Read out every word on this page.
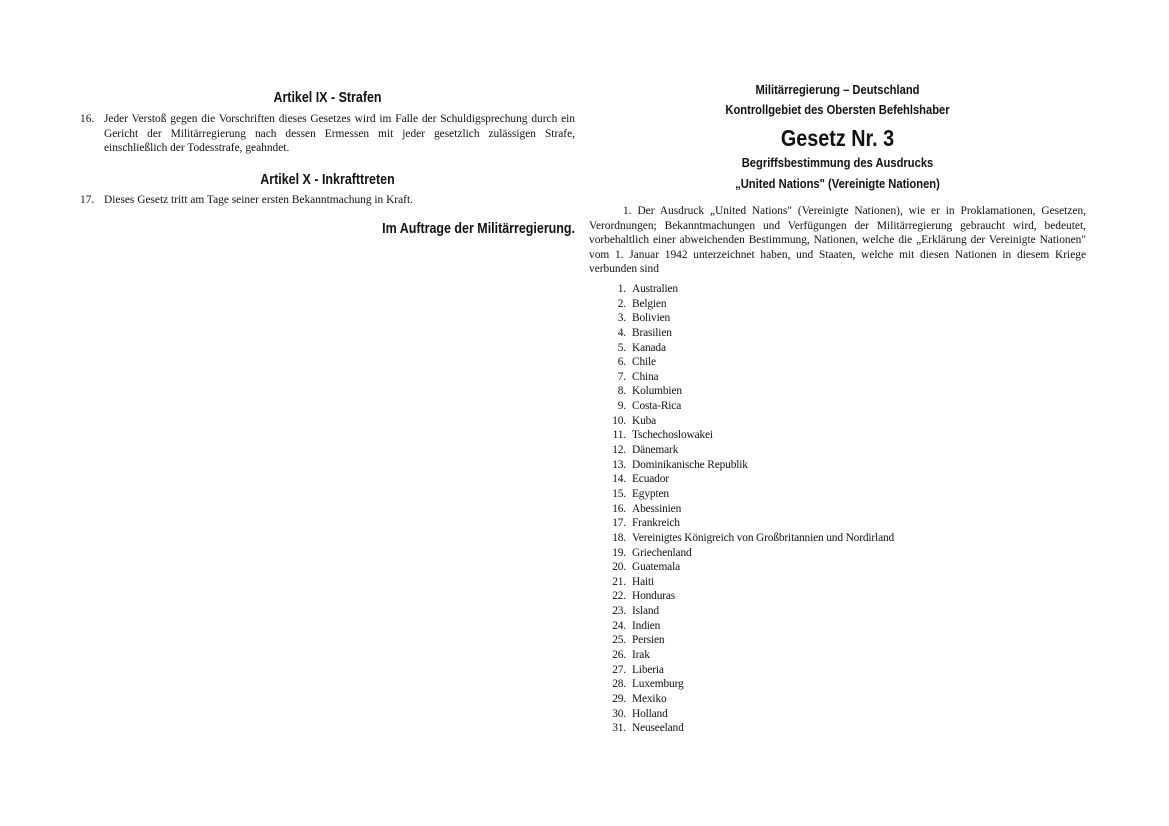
Artikel IX - Strafen
16. Jeder Verstoß gegen die Vorschriften dieses Gesetzes wird im Falle der Schuldigsprechung durch ein Gericht der Militärregierung nach dessen Ermessen mit jeder gesetzlich zulässigen Strafe, einschließlich der Todesstrafe, geahndet.
Artikel X - Inkrafttreten
17. Dieses Gesetz tritt am Tage seiner ersten Bekanntmachung in Kraft.

Im Auftrage der Militärregierung.

Militärregierung – Deutschland

Kontrollgebiet des Obersten Befehlshaber

Gesetz Nr. 3

Begriffsbestimmung des Ausdrucks

„United Nations" (Vereinigte Nationen)

1. Der Ausdruck „United Nations" (Vereinigte Nationen), wie er in Proklamationen, Gesetzen, Verordnungen; Bekanntmachungen und Verfügungen der Militärregierung gebraucht wird, bedeutet, vorbehaltlich einer abweichenden Bestimmung, Nationen, welche die „Erklärung der Vereinigte Nationen" vom 1. Januar 1942 unterzeichnet haben, und Staaten, welche mit diesen Nationen in diesem Kriege verbunden sind

1. Australien
2. Belgien
3. Bolivien
4. Brasilien
5. Kanada
6. Chile
7. China
8. Kolumbien
9. Costa-Rica
10. Kuba
11. Tschechoslowakei
12. Dänemark
13. Dominikanische Republik
14. Ecuador
15. Egypten
16. Abessinien
17. Frankreich
18. Vereinigtes Königreich von Großbritannien und Nordirland
19. Griechenland
20. Guatemala
21. Haiti
22. Honduras
23. Island
24. Indien
25. Persien
26. Irak
27. Liberia
28. Luxemburg
29. Mexiko
30. Holland
31. Neuseeland
